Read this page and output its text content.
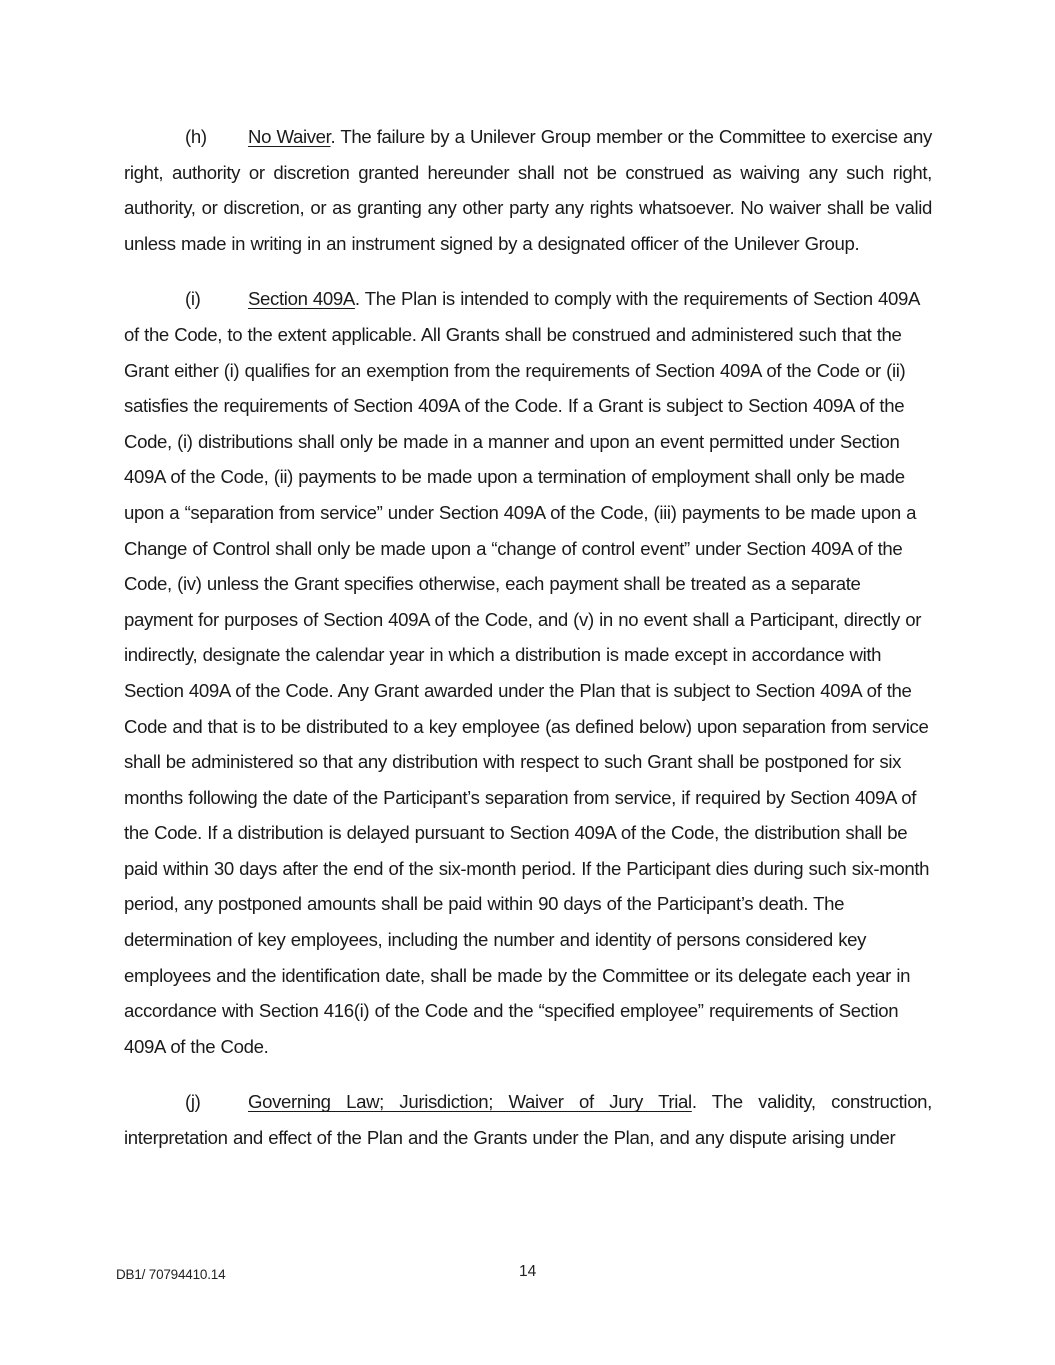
(h) No Waiver. The failure by a Unilever Group member or the Committee to exercise any right, authority or discretion granted hereunder shall not be construed as waiving any such right, authority, or discretion, or as granting any other party any rights whatsoever. No waiver shall be valid unless made in writing in an instrument signed by a designated officer of the Unilever Group.

(i)	Section 409A. The Plan is intended to comply with the requirements of Section 409A of the Code, to the extent applicable. All Grants shall be construed and administered such that the Grant either (i) qualifies for an exemption from the requirements of Section 409A of the Code or (ii) satisfies the requirements of Section 409A of the Code. If a Grant is subject to Section 409A of the Code, (i) distributions shall only be made in a manner and upon an event permitted under Section 409A of the Code, (ii) payments to be made upon a termination of employment shall only be made upon a “separation from service” under Section 409A of the Code, (iii) payments to be made upon a Change of Control shall only be made upon a “change of control event” under Section 409A of the Code, (iv) unless the Grant specifies otherwise, each payment shall be treated as a separate payment for purposes of Section 409A of the Code, and (v) in no event shall a Participant, directly or indirectly, designate the calendar year in which a distribution is made except in accordance with Section 409A of the Code. Any Grant awarded under the Plan that is subject to Section 409A of the Code and that is to be distributed to a key employee (as defined below) upon separation from service shall be administered so that any distribution with respect to such Grant shall be postponed for six months following the date of the Participant’s separation from service, if required by Section 409A of the Code. If a distribution is delayed pursuant to Section 409A of the Code, the distribution shall be paid within 30 days after the end of the six-month period. If the Participant dies during such six-month period, any postponed amounts shall be paid within 90 days of the Participant’s death. The determination of key employees, including the number and identity of persons considered key employees and the identification date, shall be made by the Committee or its delegate each year in accordance with Section 416(i) of the Code and the “specified employee” requirements of Section 409A of the Code.

(j)	Governing Law; Jurisdiction; Waiver of Jury Trial. The validity, construction, interpretation and effect of the Plan and the Grants under the Plan, and any dispute arising under

DB1/ 70794410.14	14
